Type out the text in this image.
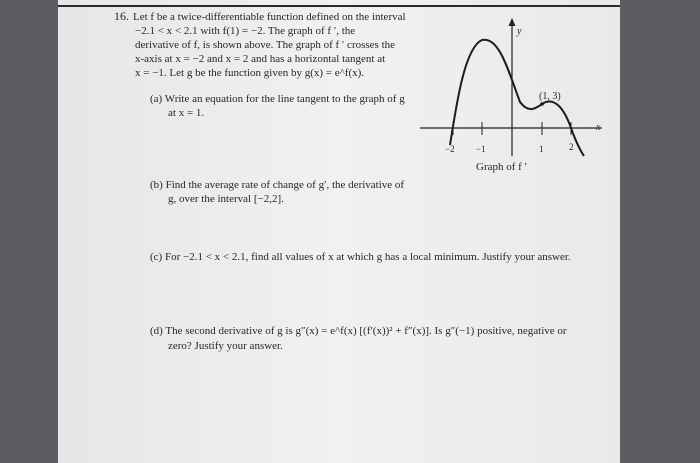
16. Let f be a twice-differentiable function defined on the interval
−2.1 < x < 2.1 with f(1) = −2. The graph of f ′, the
derivative of f, is shown above. The graph of f ′ crosses the
x-axis at x = −2 and x = 2 and has a horizontal tangent at
x = −1. Let g be the function given by g(x) = e^f(x).
(a) Write an equation for the line tangent to the graph of g
at x = 1.
(b) Find the average rate of change of g′, the derivative of
g, over the interval [−2,2].
(c) For −2.1 < x < 2.1, find all values of x at which g has a local minimum. Justify your answer.
(d) The second derivative of g is g″(x) = e^f(x) [(f′(x))² + f″(x)]. Is g″(−1) positive, negative or
zero? Justify your answer.
y
x
−2 −1	1	2
(1, 3)
Graph of f ′
